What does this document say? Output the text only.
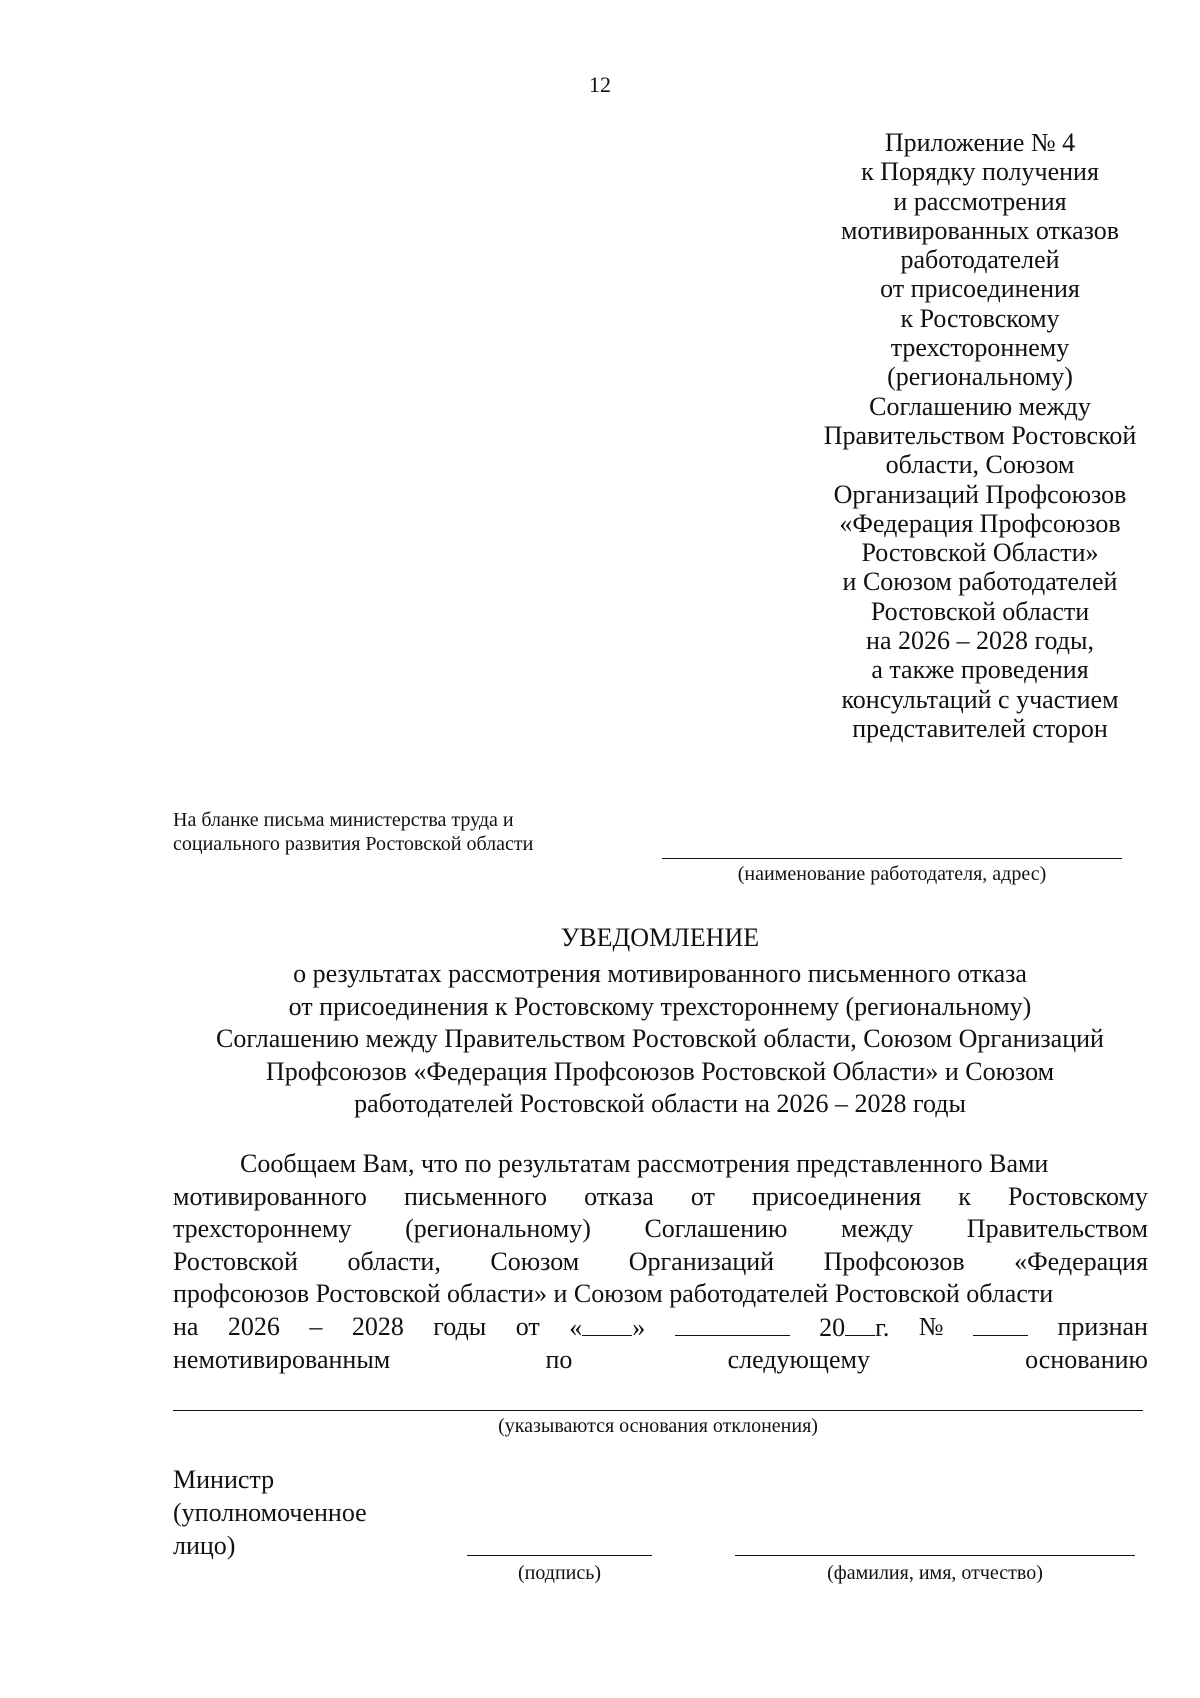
12
Приложение № 4
к Порядку получения
и рассмотрения
мотивированных отказов
работодателей
от присоединения
к Ростовскому
трехстороннему
(региональному)
Соглашению между
Правительством Ростовской
области, Союзом
Организаций Профсоюзов
«Федерация Профсоюзов
Ростовской Области»
и Союзом работодателей
Ростовской области
на 2026 – 2028 годы,
а также проведения
консультаций с участием
представителей сторон
На бланке письма министерства труда и
социального развития Ростовской области
(наименование работодателя, адрес)
УВЕДОМЛЕНИЕ
о результатах рассмотрения мотивированного письменного отказа
от присоединения к Ростовскому трехстороннему (региональному)
Соглашению между Правительством Ростовской области, Союзом Организаций
Профсоюзов «Федерация Профсоюзов Ростовской Области» и Союзом
работодателей Ростовской области на 2026 – 2028 годы
Сообщаем Вам, что по результатам рассмотрения представленного Вами
мотивированного письменного отказа от присоединения к Ростовскому
трехстороннему (региональному) Соглашению между Правительством
Ростовской области, Союзом Организаций Профсоюзов «Федерация
профсоюзов Ростовской области» и Союзом работодателей Ростовской области
на 2026 – 2028 годы от « »	20 г. №	признан
немотивированным	по	следующему	основанию
(указываются основания отклонения)
Министр
(уполномоченное
лицо)
(подпись)	(фамилия, имя, отчество)
